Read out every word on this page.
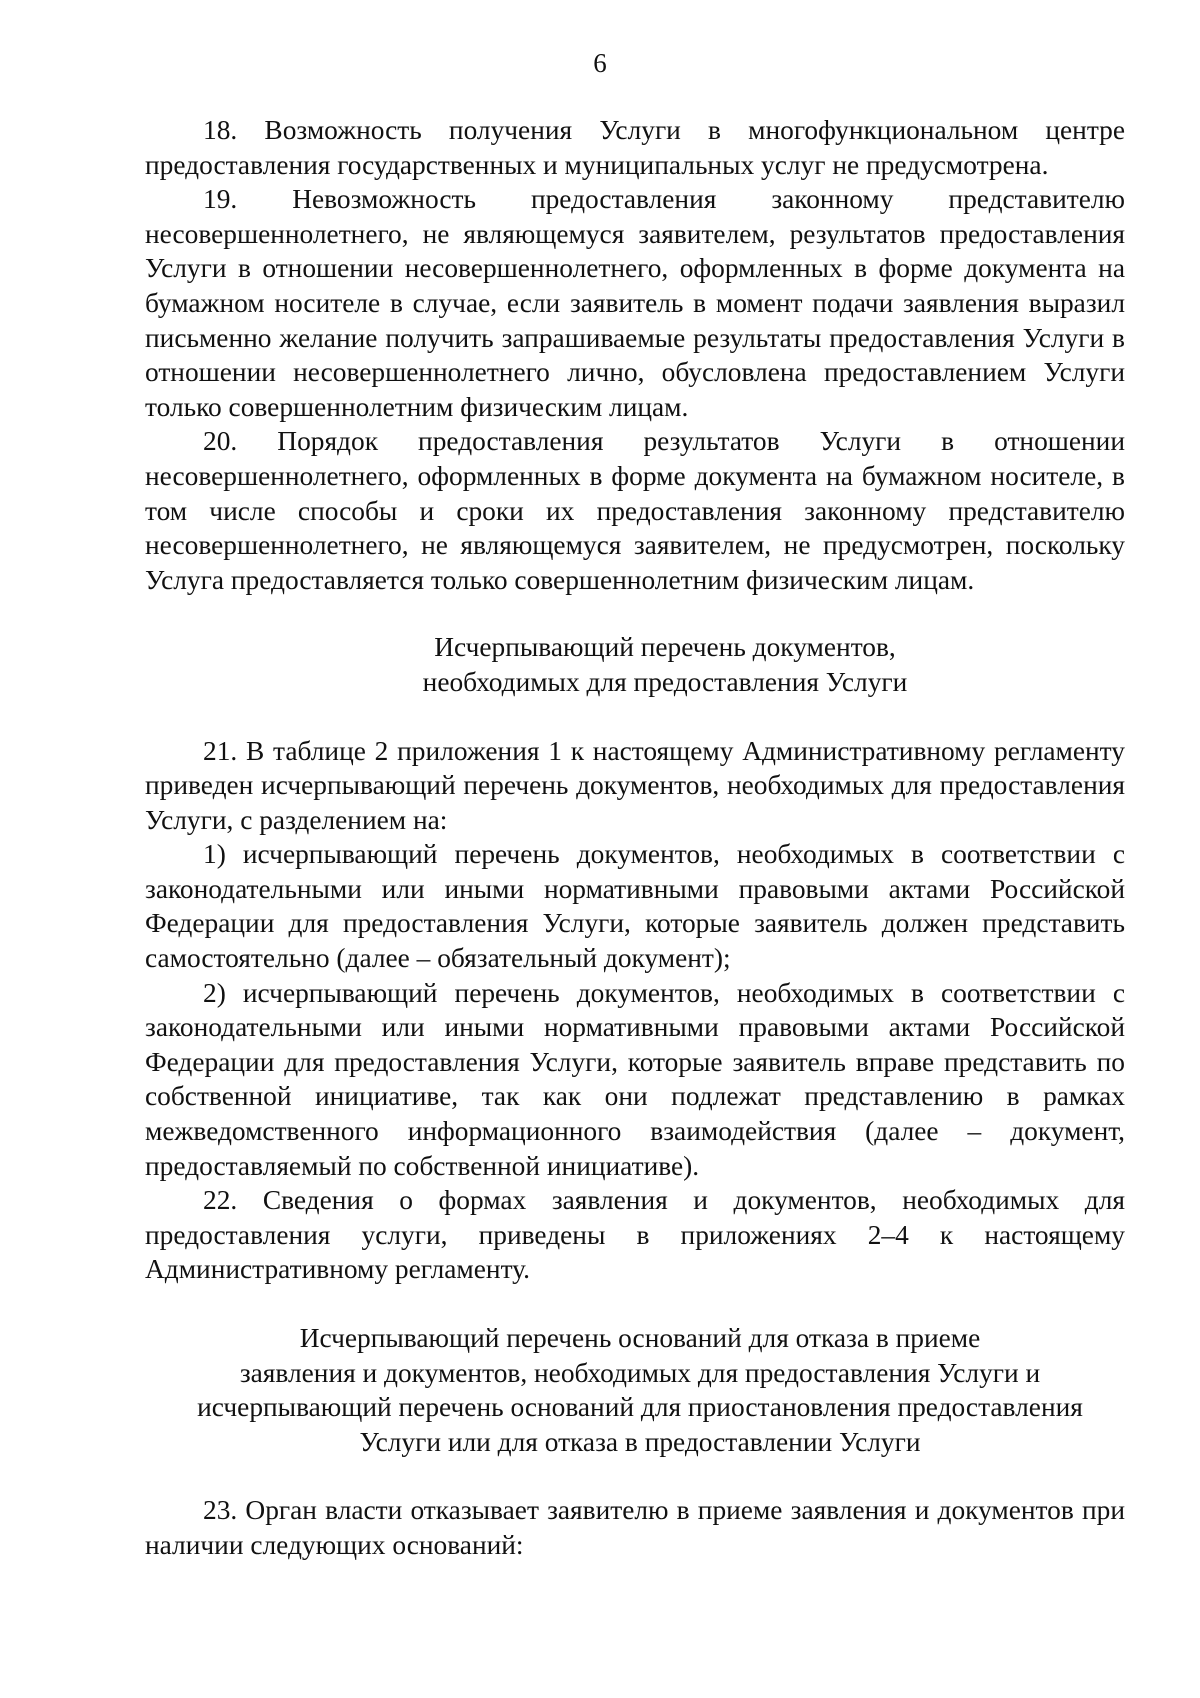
6

18. Возможность получения Услуги в многофункциональном центре предоставления государственных и муниципальных услуг не предусмотрена.

19. Невозможность предоставления законному представителю несовершеннолетнего, не являющемуся заявителем, результатов предоставления Услуги в отношении несовершеннолетнего, оформленных в форме документа на бумажном носителе в случае, если заявитель в момент подачи заявления выразил письменно желание получить запрашиваемые результаты предоставления Услуги в отношении несовершеннолетнего лично, обусловлена предоставлением Услуги только совершеннолетним физическим лицам.

20. Порядок предоставления результатов Услуги в отношении несовершеннолетнего, оформленных в форме документа на бумажном носителе, в том числе способы и сроки их предоставления законному представителю несовершеннолетнего, не являющемуся заявителем, не предусмотрен, поскольку Услуга предоставляется только совершеннолетним физическим лицам.

Исчерпывающий перечень документов,
необходимых для предоставления Услуги

21. В таблице 2 приложения 1 к настоящему Административному регламенту приведен исчерпывающий перечень документов, необходимых для предоставления Услуги, с разделением на:

1) исчерпывающий перечень документов, необходимых в соответствии с законодательными или иными нормативными правовыми актами Российской Федерации для предоставления Услуги, которые заявитель должен представить самостоятельно (далее – обязательный документ);

2) исчерпывающий перечень документов, необходимых в соответствии с законодательными или иными нормативными правовыми актами Российской Федерации для предоставления Услуги, которые заявитель вправе представить по собственной инициативе, так как они подлежат представлению в рамках межведомственного информационного взаимодействия (далее – документ, предоставляемый по собственной инициативе).

22. Сведения о формах заявления и документов, необходимых для предоставления услуги, приведены в приложениях 2–4 к настоящему Административному регламенту.

Исчерпывающий перечень оснований для отказа в приеме
заявления и документов, необходимых для предоставления Услуги и
исчерпывающий перечень оснований для приостановления предоставления
Услуги или для отказа в предоставлении Услуги

23. Орган власти отказывает заявителю в приеме заявления и документов при наличии следующих оснований:
